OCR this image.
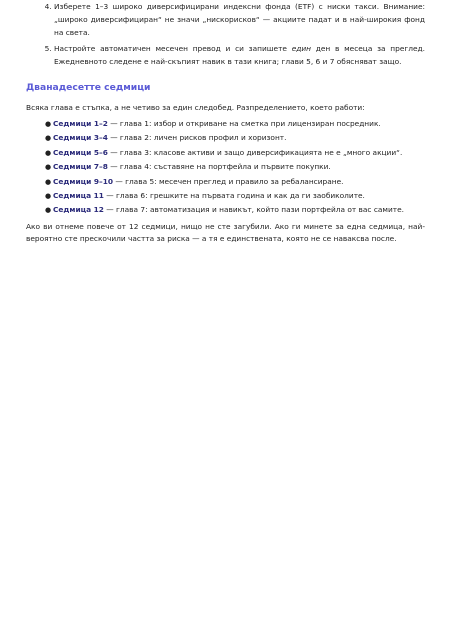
4. Изберете 1–3 широко диверсифицирани индексни фонда (ETF) с ниски такси. Внимание: „широко диверсифициран“ не значи „нискорисков“ — акциите падат и в най-широкия фонд на света.
5. Настройте автоматичен месечен превод и си запишете един ден в месеца за преглед. Ежедневното следене е най-скъпият навик в тази книга; глави 5, 6 и 7 обясняват защо.
Дванадесетте седмици

Всяка глава е стъпка, а не четиво за един следобед. Разпределението, което работи:

● Седмици 1–2 — глава 1: избор и откриване на сметка при лицензиран посредник.
● Седмици 3–4 — глава 2: личен рисков профил и хоризонт.
● Седмици 5–6 — глава 3: класове активи и защо диверсификацията не е „много акции“.
● Седмици 7–8 — глава 4: съставяне на портфейла и първите покупки.
● Седмици 9–10 — глава 5: месечен преглед и правило за ребалансиране.
● Седмица 11 — глава 6: грешките на първата година и как да ги заобиколите.
● Седмица 12 — глава 7: автоматизация и навикът, който пази портфейла от вас самите.

Ако ви отнеме повече от 12 седмици, нищо не сте загубили. Ако ги минете за една седмица, най-вероятно сте прескочили частта за риска — а тя е единствената, която не се наваксва после.
